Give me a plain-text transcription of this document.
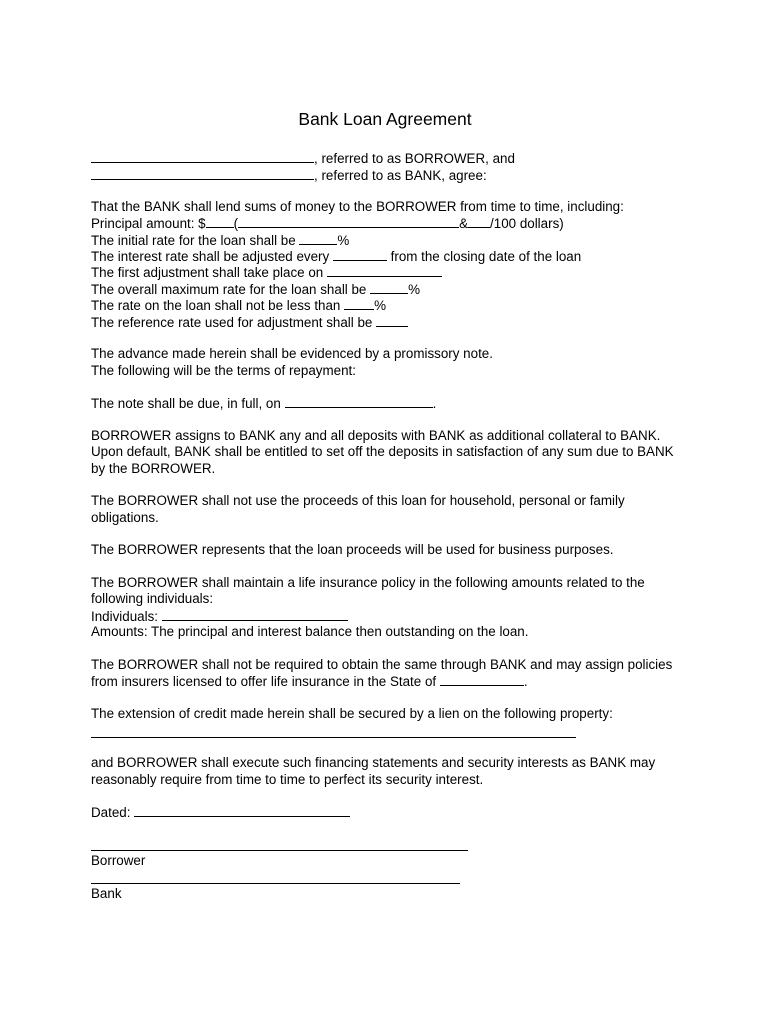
Bank Loan Agreement
, referred to as BORROWER, and
, referred to as BANK, agree:
That the BANK shall lend sums of money to the BORROWER from time to time, including:
Principal amount: $ (	& /100 dollars)
The initial rate for the loan shall be	%
The interest rate shall be adjusted every	from the closing date of the loan
The first adjustment shall take place on
The overall maximum rate for the loan shall be	%
The rate on the loan shall not be less than %
The reference rate used for adjustment shall be
The advance made herein shall be evidenced by a promissory note.
The following will be the terms of repayment:
The note shall be due, in full, on	.
BORROWER assigns to BANK any and all deposits with BANK as additional collateral to BANK.
Upon default, BANK shall be entitled to set off the deposits in satisfaction of any sum due to BANK
by the BORROWER.
The BORROWER shall not use the proceeds of this loan for household, personal or family
obligations.
The BORROWER represents that the loan proceeds will be used for business purposes.
The BORROWER shall maintain a life insurance policy in the following amounts related to the
following individuals:
Individuals:
Amounts: The principal and interest balance then outstanding on the loan.
The BORROWER shall not be required to obtain the same through BANK and may assign policies
from insurers licensed to offer life insurance in the State of	.
The extension of credit made herein shall be secured by a lien on the following property:
and BORROWER shall execute such financing statements and security interests as BANK may
reasonably require from time to time to perfect its security interest.
Dated:
Borrower
Bank
